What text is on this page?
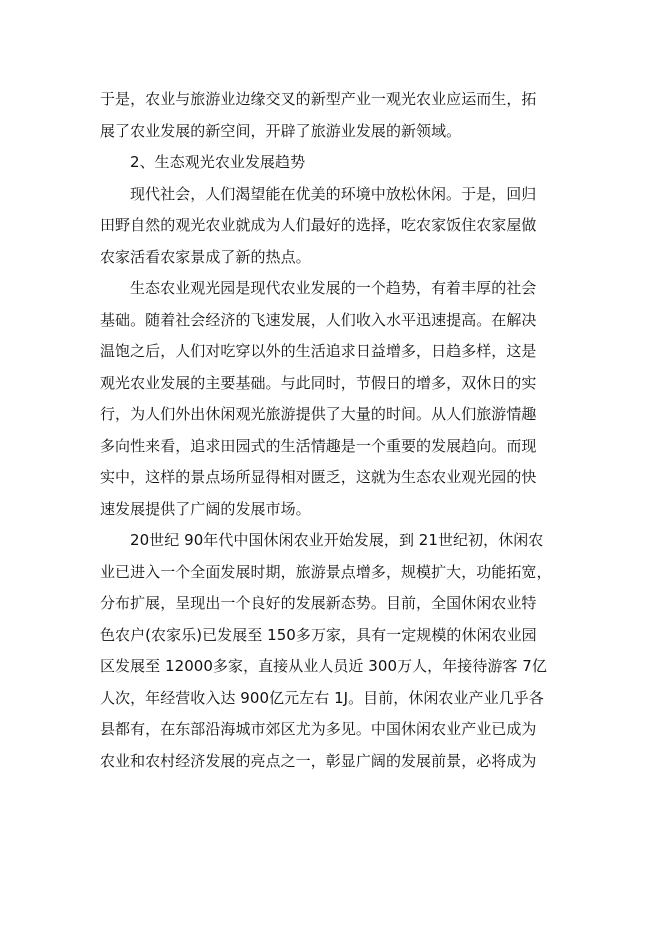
于是，农业与旅游业边缘交叉的新型产业一观光农业应运而生，拓
展了农业发展的新空间，开辟了旅游业发展的新领域。
2、生态观光农业发展趋势
现代社会，人们渴望能在优美的环境中放松休闲。于是，回归
田野自然的观光农业就成为人们最好的选择，吃农家饭住农家屋做
农家活看农家景成了新的热点。
生态农业观光园是现代农业发展的一个趋势，有着丰厚的社会
基础。随着社会经济的飞速发展，人们收入水平迅速提高。在解决
温饱之后，人们对吃穿以外的生活追求日益增多，日趋多样，这是
观光农业发展的主要基础。与此同时，节假日的增多，双休日的实
行，为人们外出休闲观光旅游提供了大量的时间。从人们旅游情趣
多向性来看，追求田园式的生活情趣是一个重要的发展趋向。而现
实中，这样的景点场所显得相对匮乏，这就为生态农业观光园的快
速发展提供了广阔的发展市场。
20世纪 90年代中国休闲农业开始发展，到 21世纪初，休闲农
业已进入一个全面发展时期，旅游景点增多，规模扩大，功能拓宽，
分布扩展，呈现出一个良好的发展新态势。目前，全国休闲农业特
色农户(农家乐)已发展至 150多万家，具有一定规模的休闲农业园
区发展至 12000多家，直接从业人员近 300万人，年接待游客 7亿
人次，年经营收入达 900亿元左右 1J。目前，休闲农业产业几乎各
县都有，在东部沿海城市郊区尤为多见。中国休闲农业产业已成为
农业和农村经济发展的亮点之一，彰显广阔的发展前景，必将成为
